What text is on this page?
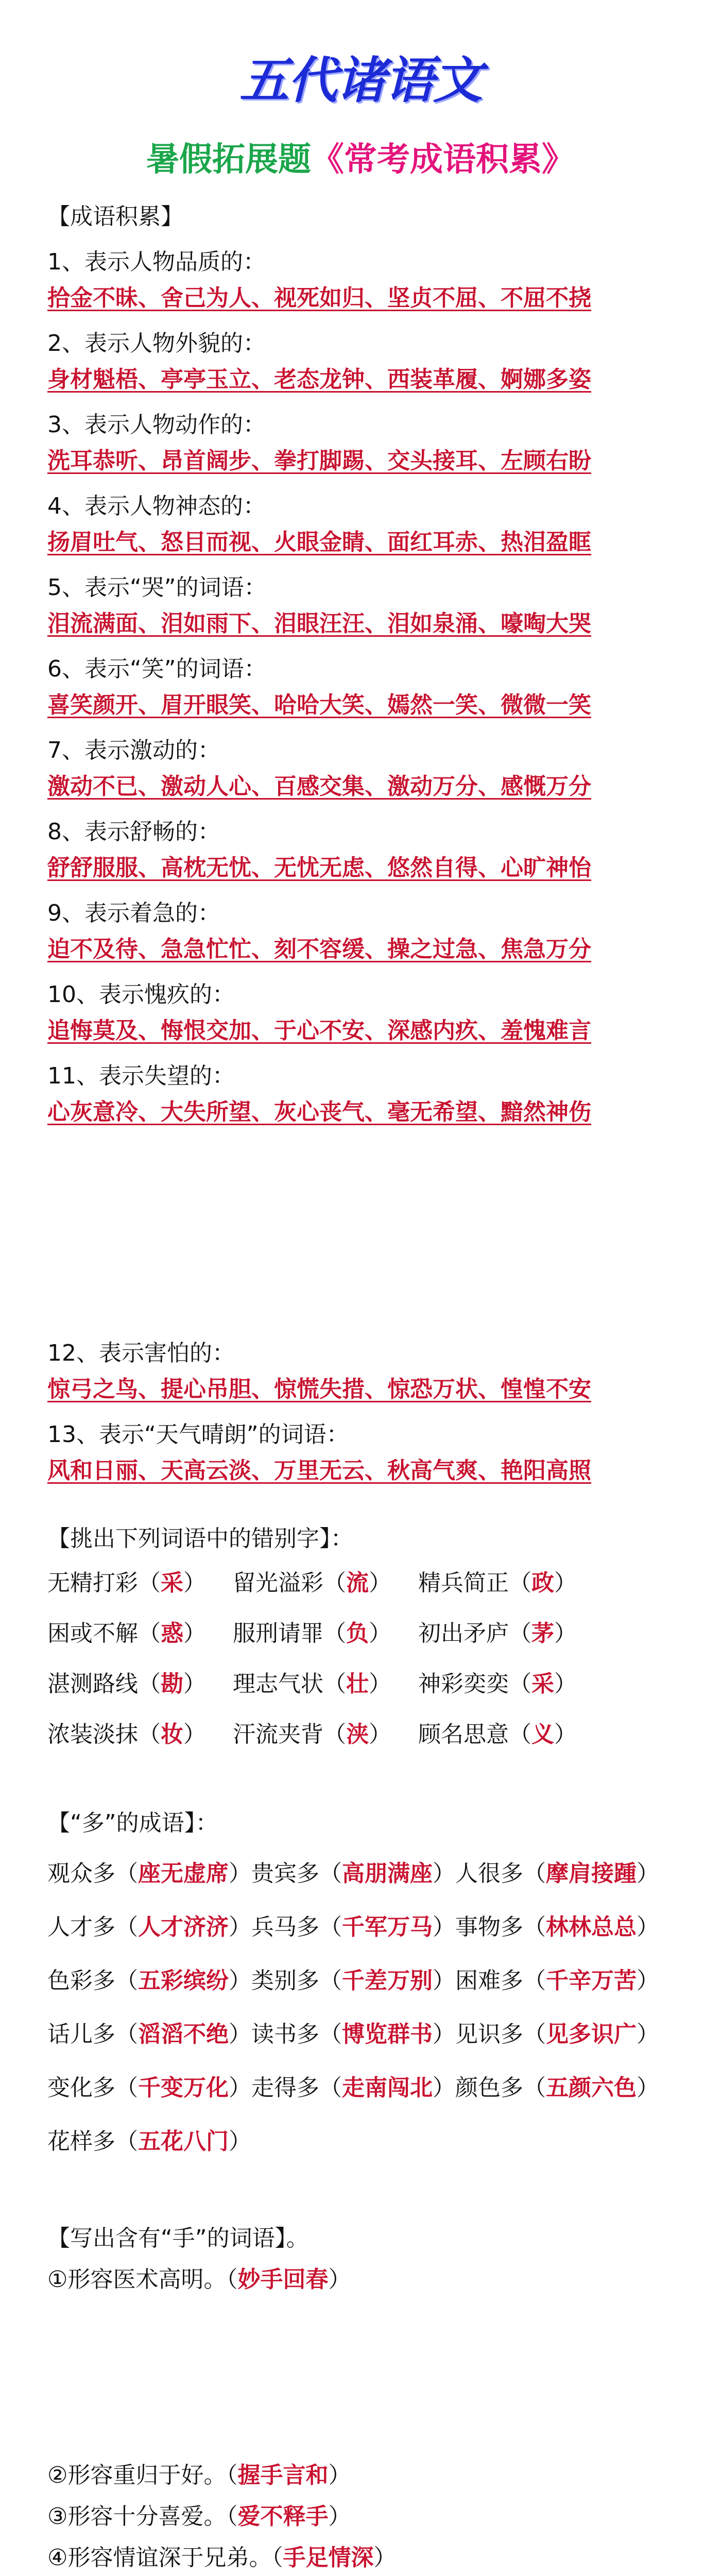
五代诸语文
暑假拓展题《常考成语积累》

【成语积累】

1、表示人物品质的：

拾金不昧、舍己为人、视死如归、坚贞不屈、不屈不挠

2、表示人物外貌的：

身材魁梧、亭亭玉立、老态龙钟、西装革履、婀娜多姿

3、表示人物动作的：

洗耳恭听、昂首阔步、拳打脚踢、交头接耳、左顾右盼

4、表示人物神态的：

扬眉吐气、怒目而视、火眼金睛、面红耳赤、热泪盈眶

5、表示“哭”的词语：

泪流满面、泪如雨下、泪眼汪汪、泪如泉涌、嚎啕大哭

6、表示“笑”的词语：

喜笑颜开、眉开眼笑、哈哈大笑、嫣然一笑、微微一笑

7、表示激动的：

激动不已、激动人心、百感交集、激动万分、感慨万分

8、表示舒畅的：

舒舒服服、高枕无忧、无忧无虑、悠然自得、心旷神怡

9、表示着急的：

迫不及待、急急忙忙、刻不容缓、操之过急、焦急万分

10、表示愧疚的：

追悔莫及、悔恨交加、于心不安、深感内疚、羞愧难言

11、表示失望的：

心灰意冷、大失所望、灰心丧气、毫无希望、黯然神伤

12、表示害怕的：

惊弓之鸟、提心吊胆、惊慌失措、惊恐万状、惶惶不安

13、表示“天气晴朗”的词语：

风和日丽、天高云淡、万里无云、秋高气爽、艳阳高照

【挑出下列词语中的错别字】：

无精打彩（采）	留光溢彩（流）	精兵简正（政）
困或不解（惑）	服刑请罪（负）	初出矛庐（茅）
湛测路线（勘）	理志气状（壮）	神彩奕奕（采）
浓装淡抹（妆）	汗流夹背（浃）	顾名思意（义）

【“多”的成语】：

观众多（座无虚席）贵宾多（高朋满座）人很多（摩肩接踵）

人才多（人才济济）兵马多（千军万马）事物多（林林总总）

色彩多（五彩缤纷）类别多（千差万别）困难多（千辛万苦）

话儿多（滔滔不绝）读书多（博览群书）见识多（见多识广）

变化多（千变万化）走得多（走南闯北）颜色多（五颜六色）

花样多（五花八门）

【写出含有“手”的词语】。

①形容医术高明。（妙手回春）

②形容重归于好。（握手言和）

③形容十分喜爱。（爱不释手）

④形容情谊深于兄弟。（手足情深）
